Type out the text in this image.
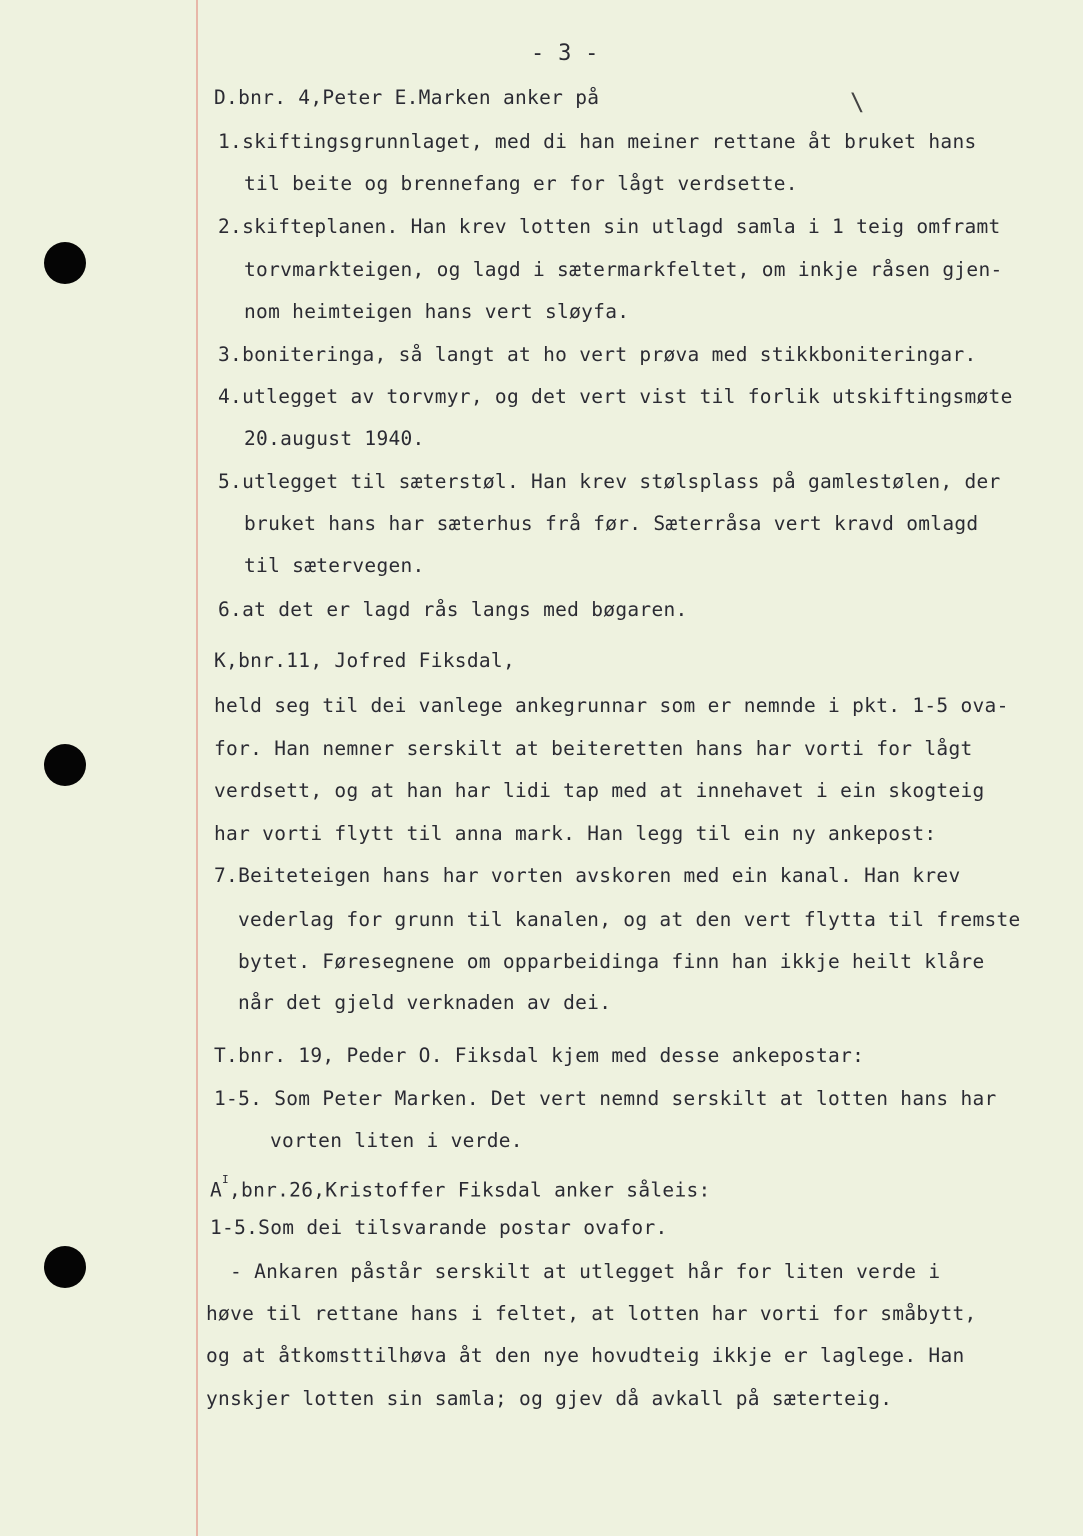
- 3 -
\
D.bnr. 4,Peter E.Marken anker på
1.skiftingsgrunnlaget, med di han meiner rettane åt bruket hans
til beite og brennefang er for lågt verdsette.
2.skifteplanen. Han krev lotten sin utlagd samla i 1 teig omframt
torvmarkteigen, og lagd i sætermarkfeltet, om inkje råsen gjen-
nom heimteigen hans vert sløyfa.
3.boniteringa, så langt at ho vert prøva med stikkboniteringar.
4.utlegget av torvmyr, og det vert vist til forlik utskiftingsmøte
20.august 1940.
5.utlegget til sæterstøl. Han krev stølsplass på gamlestølen, der
bruket hans har sæterhus frå før. Sæterråsa vert kravd omlagd
til sætervegen.
6.at det er lagd rås langs med bøgaren.
K,bnr.11, Jofred Fiksdal,
held seg til dei vanlege ankegrunnar som er nemnde i pkt. 1-5 ova-
for. Han nemner serskilt at beiteretten hans har vorti for lågt
verdsett, og at han har lidi tap med at innehavet i ein skogteig
har vorti flytt til anna mark. Han legg til ein ny ankepost:
7.Beiteteigen hans har vorten avskoren med ein kanal. Han krev
vederlag for grunn til kanalen, og at den vert flytta til fremste
bytet. Føresegnene om opparbeidinga finn han ikkje heilt klåre
når det gjeld verknaden av dei.
T.bnr. 19, Peder O. Fiksdal kjem med desse ankepostar:
1-5. Som Peter Marken. Det vert nemnd serskilt at lotten hans har
vorten liten i verde.
$A^I,bnr.26,Kristoffer$ Fiksdal anker såleis:
1-5.Som dei tilsvarande postar ovafor.
- Ankaren påstår serskilt at utlegget hår for liten verde i
høve til rettane hans i feltet, at lotten har vorti for småbytt,
og at åtkomsttilhøva åt den nye hovudteig ikkje er laglege. Han
ynskjer lotten sin samla; og gjev då avkall på sæterteig.
